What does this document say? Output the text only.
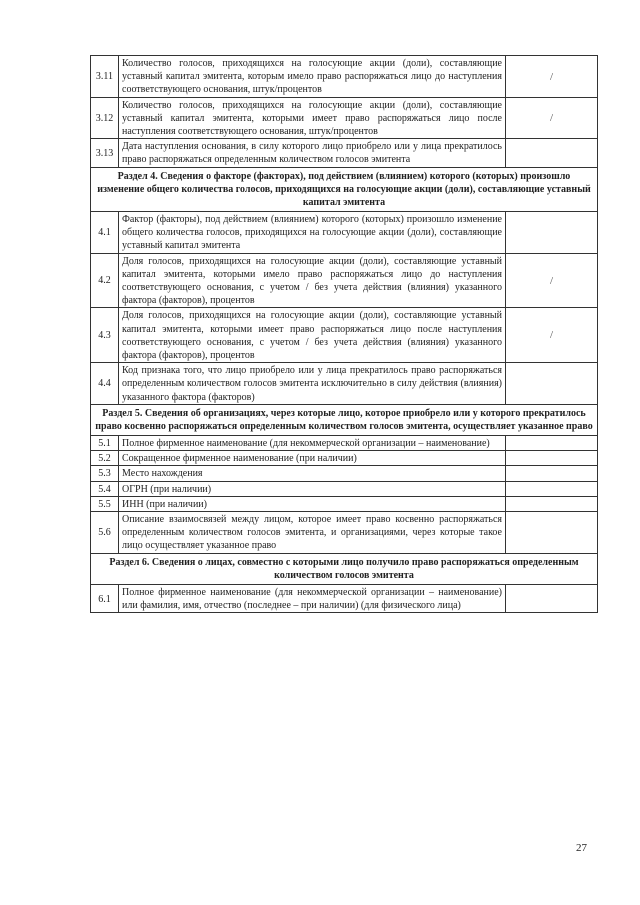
3.11	Количество голосов, приходящихся на голосующие акции (доли), составляющие уставный капитал эмитента, которым имело право распоряжаться лицо до наступления соответствующего основания, штук/процентов	/
3.12	Количество голосов, приходящихся на голосующие акции (доли), составляющие уставный капитал эмитента, которыми имеет право распоряжаться лицо после наступления соответствующего основания, штук/процентов	/
3.13	Дата наступления основания, в силу которого лицо приобрело или у лица прекратилось право распоряжаться определенным количеством голосов эмитента	
Раздел 4. Сведения о факторе (факторах), под действием (влиянием) которого (которых) произошло изменение общего количества голосов, приходящихся на голосующие акции (доли), составляющие уставный капитал эмитента		
4.1	Фактор (факторы), под действием (влиянием) которого (которых) произошло изменение общего количества голосов, приходящихся на голосующие акции (доли), составляющие уставный капитал эмитента	
4.2	Доля голосов, приходящихся на голосующие акции (доли), составляющие уставный капитал эмитента, которыми имело право распоряжаться лицо до наступления соответствующего основания, с учетом / без учета действия (влияния) указанного фактора (факторов), процентов	/
4.3	Доля голосов, приходящихся на голосующие акции (доли), составляющие уставный капитал эмитента, которыми имеет право распоряжаться лицо после наступления соответствующего основания, с учетом / без учета действия (влияния) указанного фактора (факторов), процентов	/
4.4	Код признака того, что лицо приобрело или у лица прекратилось право распоряжаться определенным количеством голосов эмитента исключительно в силу действия (влияния) указанного фактора (факторов)	
Раздел 5. Сведения об организациях, через которые лицо, которое приобрело или у которого прекратилось право косвенно распоряжаться определенным количеством голосов эмитента, осуществляет указанное право		
5.1	Полное фирменное наименование (для некоммерческой организации – наименование)	
5.2	Сокращенное фирменное наименование (при наличии)	
5.3	Место нахождения	
5.4	ОГРН (при наличии)	
5.5	ИНН (при наличии)	
5.6	Описание взаимосвязей между лицом, которое имеет право косвенно распоряжаться определенным количеством голосов эмитента, и организациями, через которые такое лицо осуществляет указанное право	
Раздел 6. Сведения о лицах, совместно с которыми лицо получило право распоряжаться определенным количеством голосов эмитента		
6.1	Полное фирменное наименование (для некоммерческой организации – наименование) или фамилия, имя, отчество (последнее – при наличии) (для физического лица)	
27
